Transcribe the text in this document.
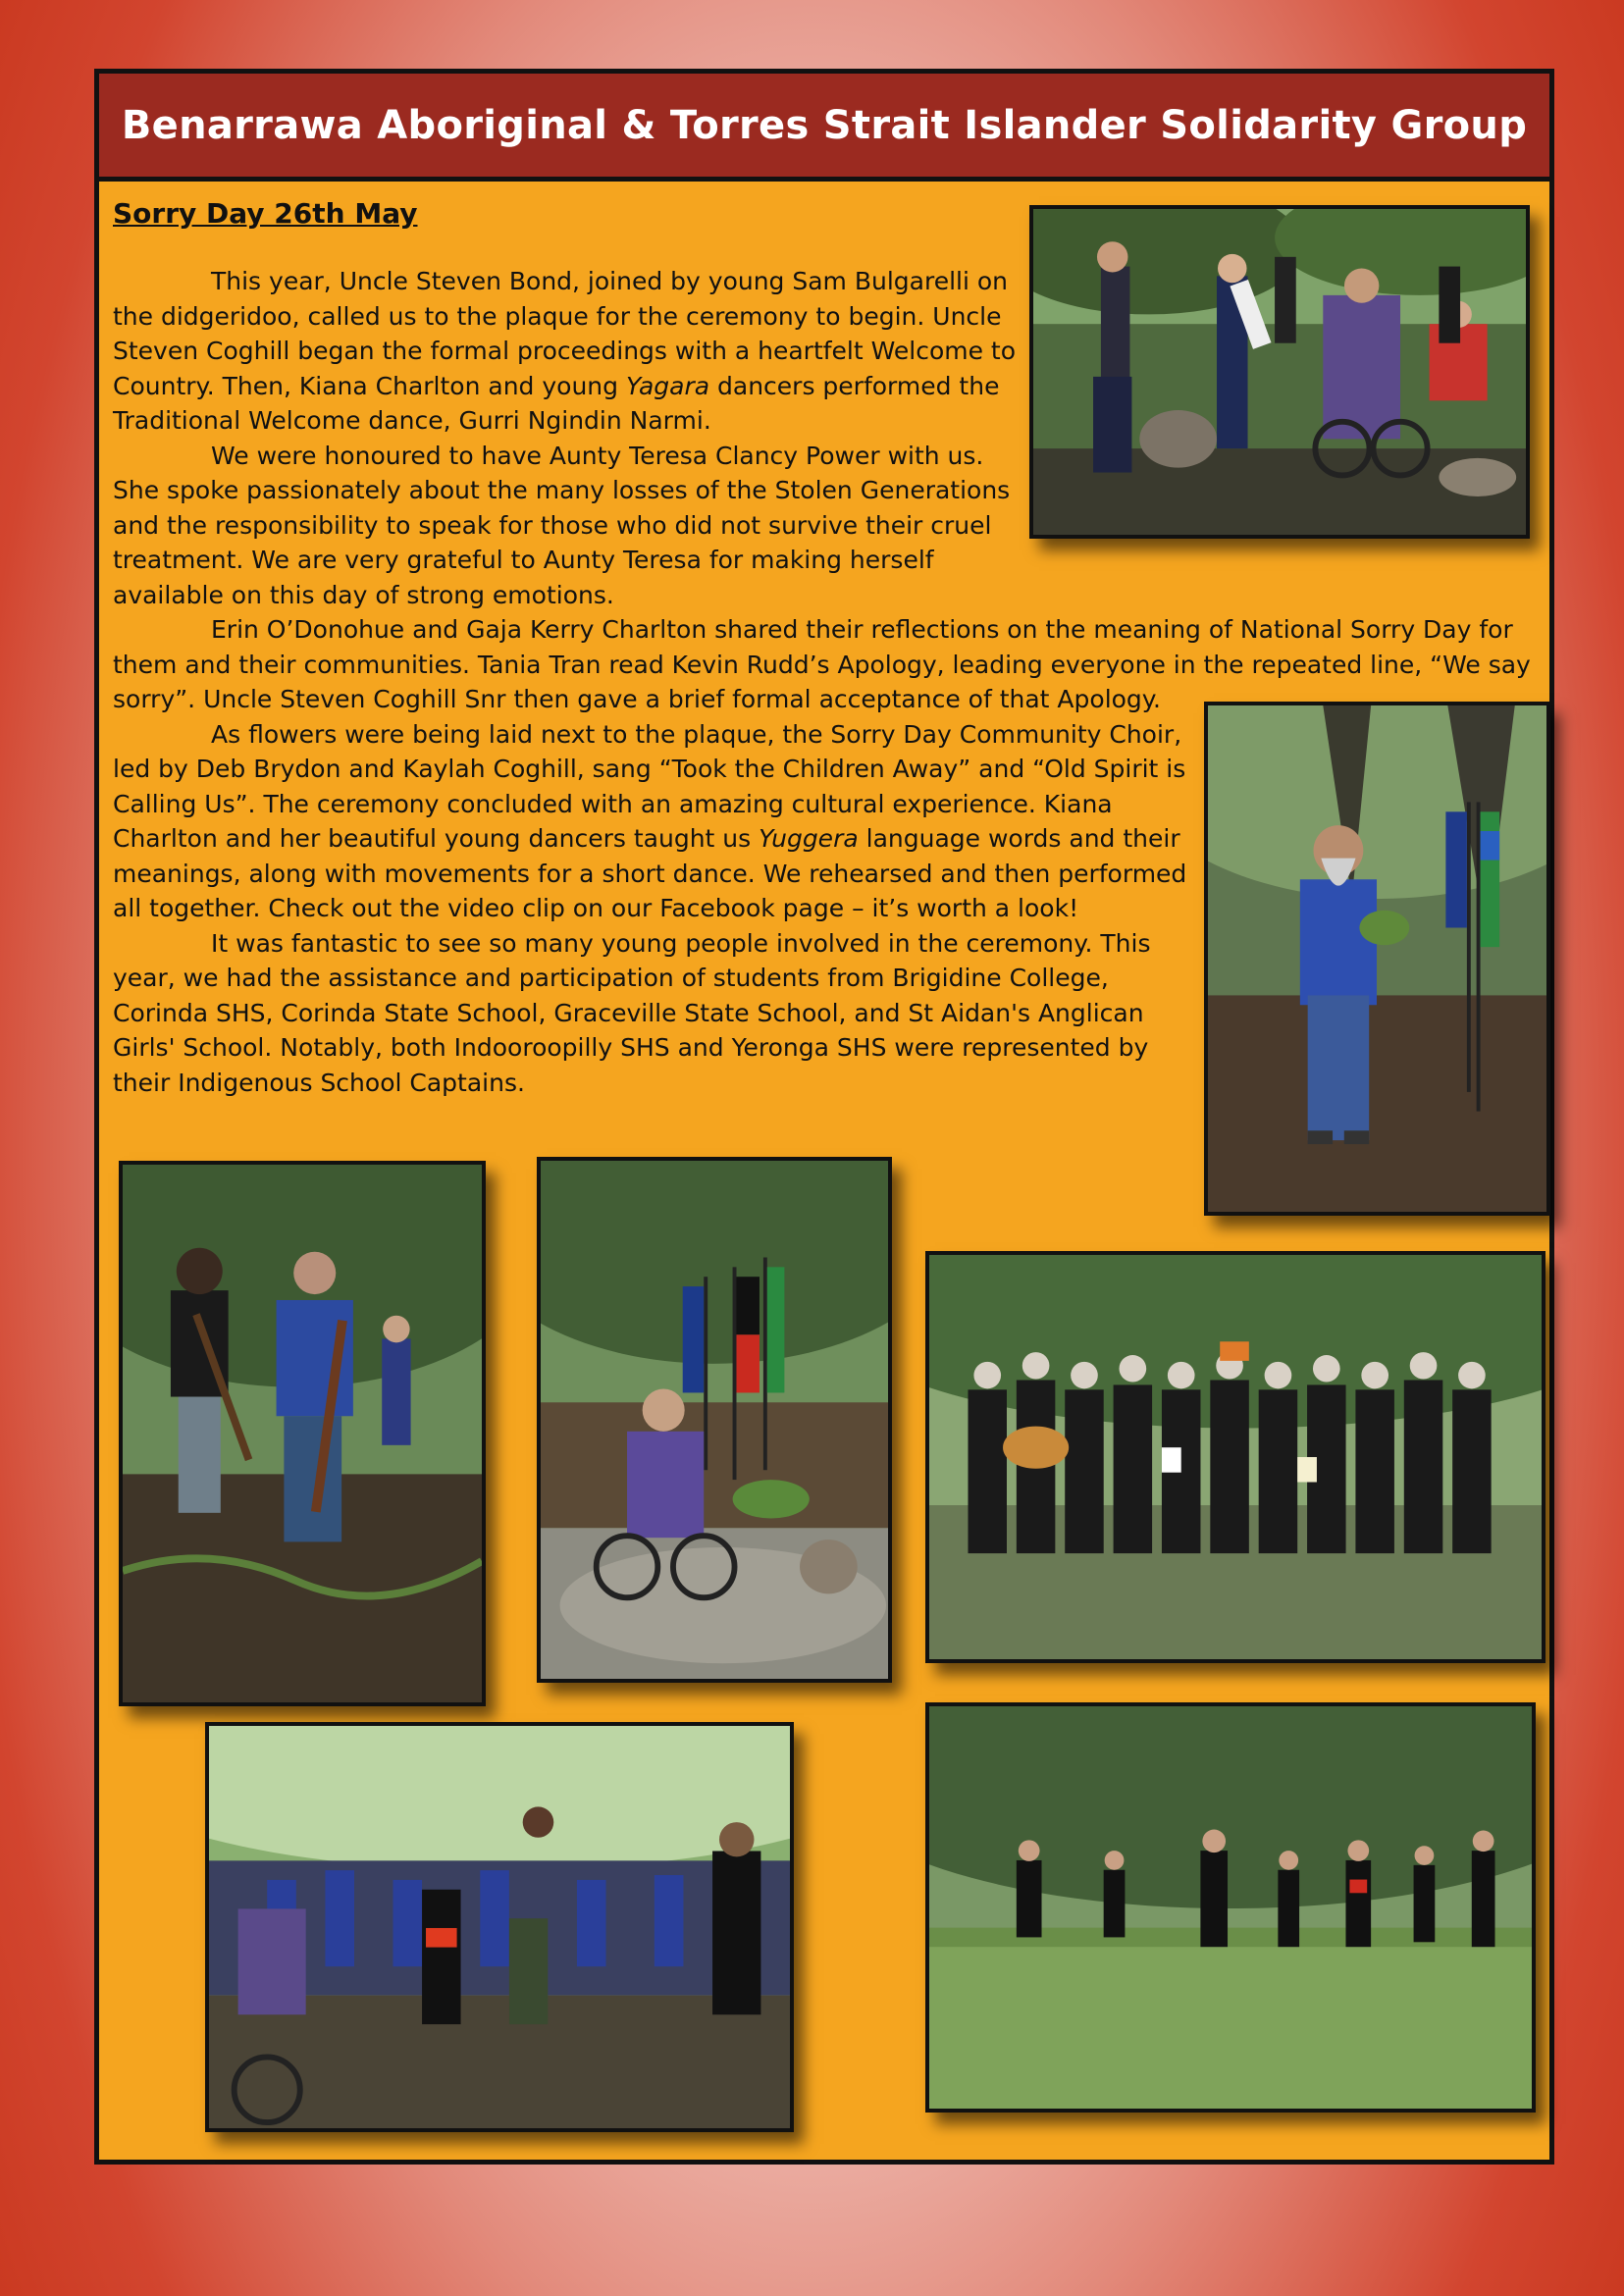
Benarrawa Aboriginal & Torres Strait Islander Solidarity Group
Sorry Day 26th May

This year, Uncle Steven Bond, joined by young Sam Bulgarelli on the didgeridoo, called us to the plaque for the ceremony to begin. Uncle Steven Coghill began the formal proceedings with a heartfelt Welcome to Country. Then, Kiana Charlton and young Yagara dancers performed the Traditional Welcome dance, Gurri Ngindin Narmi.

We were honoured to have Aunty Teresa Clancy Power with us. She spoke passionately about the many losses of the Stolen Generations and the responsibility to speak for those who did not survive their cruel treatment. We are very grateful to Aunty Teresa for making herself available on this day of strong emotions.

Erin O’Donohue and Gaja Kerry Charlton shared their reflections on the meaning of National Sorry Day for them and their communities. Tania Tran read Kevin Rudd’s Apology, leading everyone in the repeated line, “We say sorry”. Uncle Steven Coghill Snr then gave a brief formal acceptance of that Apology.

As flowers were being laid next to the plaque, the Sorry Day Community Choir, led by Deb Brydon and Kaylah Coghill, sang “Took the Children Away” and “Old Spirit is Calling Us”. The ceremony concluded with an amazing cultural experience. Kiana Charlton and her beautiful young dancers taught us Yuggera language words and their meanings, along with movements for a short dance. We rehearsed and then performed all together. Check out the video clip on our Facebook page – it’s worth a look!

It was fantastic to see so many young people involved in the ceremony. This year, we had the assistance and participation of students from Brigidine College, Corinda SHS, Corinda State School, Graceville State School, and St Aidan's Anglican Girls' School. Notably, both Indooroopilly SHS and Yeronga SHS were represented by their Indigenous School Captains.
